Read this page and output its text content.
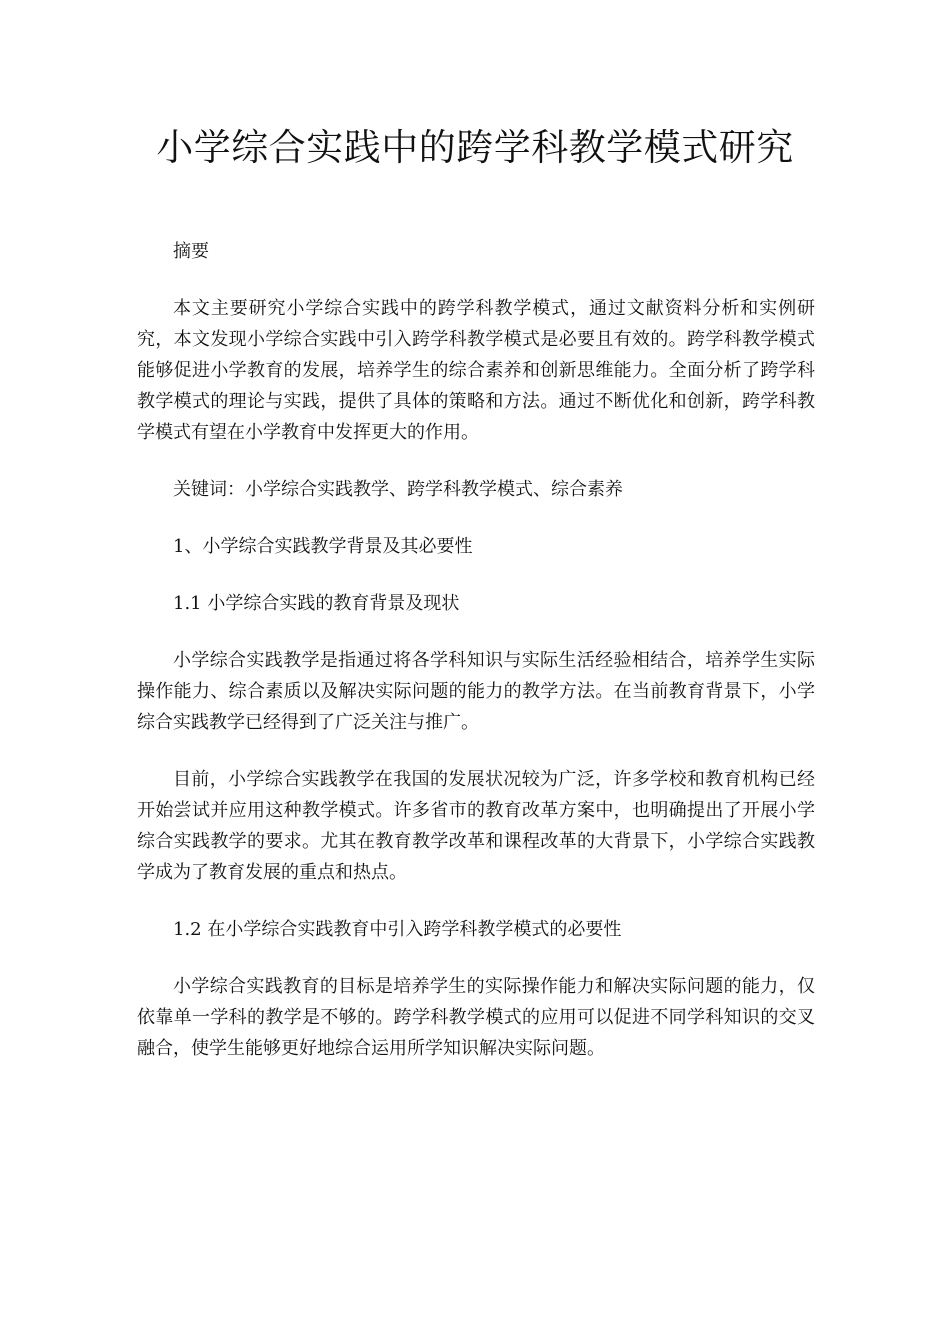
小学综合实践中的跨学科教学模式研究

摘要

本文主要研究小学综合实践中的跨学科教学模式，通过文献资料分析和实例研究，本文发现小学综合实践中引入跨学科教学模式是必要且有效的。跨学科教学模式能够促进小学教育的发展，培养学生的综合素养和创新思维能力。全面分析了跨学科教学模式的理论与实践，提供了具体的策略和方法。通过不断优化和创新，跨学科教学模式有望在小学教育中发挥更大的作用。

关键词：小学综合实践教学、跨学科教学模式、综合素养

1、小学综合实践教学背景及其必要性

1.1 小学综合实践的教育背景及现状

小学综合实践教学是指通过将各学科知识与实际生活经验相结合，培养学生实际操作能力、综合素质以及解决实际问题的能力的教学方法。在当前教育背景下，小学综合实践教学已经得到了广泛关注与推广。

目前，小学综合实践教学在我国的发展状况较为广泛，许多学校和教育机构已经开始尝试并应用这种教学模式。许多省市的教育改革方案中，也明确提出了开展小学综合实践教学的要求。尤其在教育教学改革和课程改革的大背景下，小学综合实践教学成为了教育发展的重点和热点。

1.2 在小学综合实践教育中引入跨学科教学模式的必要性

小学综合实践教育的目标是培养学生的实际操作能力和解决实际问题的能力，仅依靠单一学科的教学是不够的。跨学科教学模式的应用可以促进不同学科知识的交叉融合，使学生能够更好地综合运用所学知识解决实际问题。
